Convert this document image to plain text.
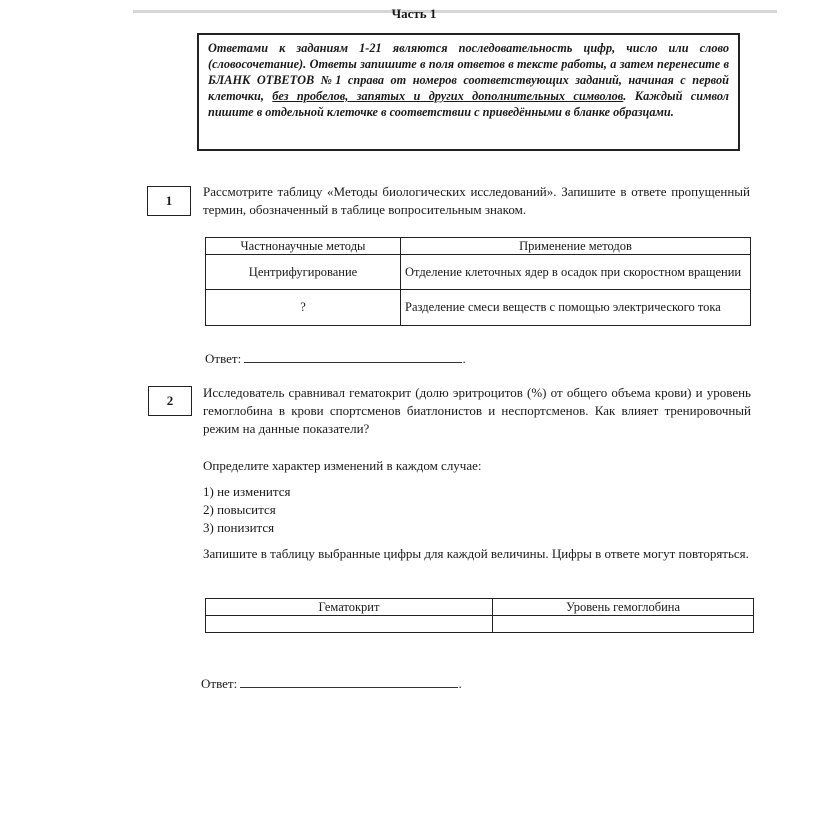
Часть 1
Ответами к заданиям 1-21 являются последовательность цифр, число или слово (словосочетание). Ответы запишите в поля ответов в тексте работы, а затем перенесите в БЛАНК ОТВЕТОВ №1 справа от номеров соответствующих заданий, начиная с первой клеточки, без пробелов, запятых и других дополнительных символов. Каждый символ пишите в отдельной клеточке в соответствии с приведёнными в бланке образцами.
1
Рассмотрите таблицу «Методы биологических исследований». Запишите в ответе пропущенный термин, обозначенный в таблице вопросительным знаком.
Частнонаучные методы	Применение методов
Центрифугирование	Отделение клеточных ядер в осадок при скоростном вращении
?	Разделение смеси веществ с помощью электрического тока
Ответ:	.
2
Исследователь сравнивал гематокрит (долю эритроцитов (%) от общего объема крови) и уровень гемоглобина в крови спортсменов биатлонистов и неспортсменов. Как влияет тренировочный режим на данные показатели?
Определите характер изменений в каждом случае:
1) не изменится
2) повысится
3) понизится
Запишите в таблицу выбранные цифры для каждой величины. Цифры в ответе могут повторяться.
Гематокрит	Уровень гемоглобина

Ответ:	.
